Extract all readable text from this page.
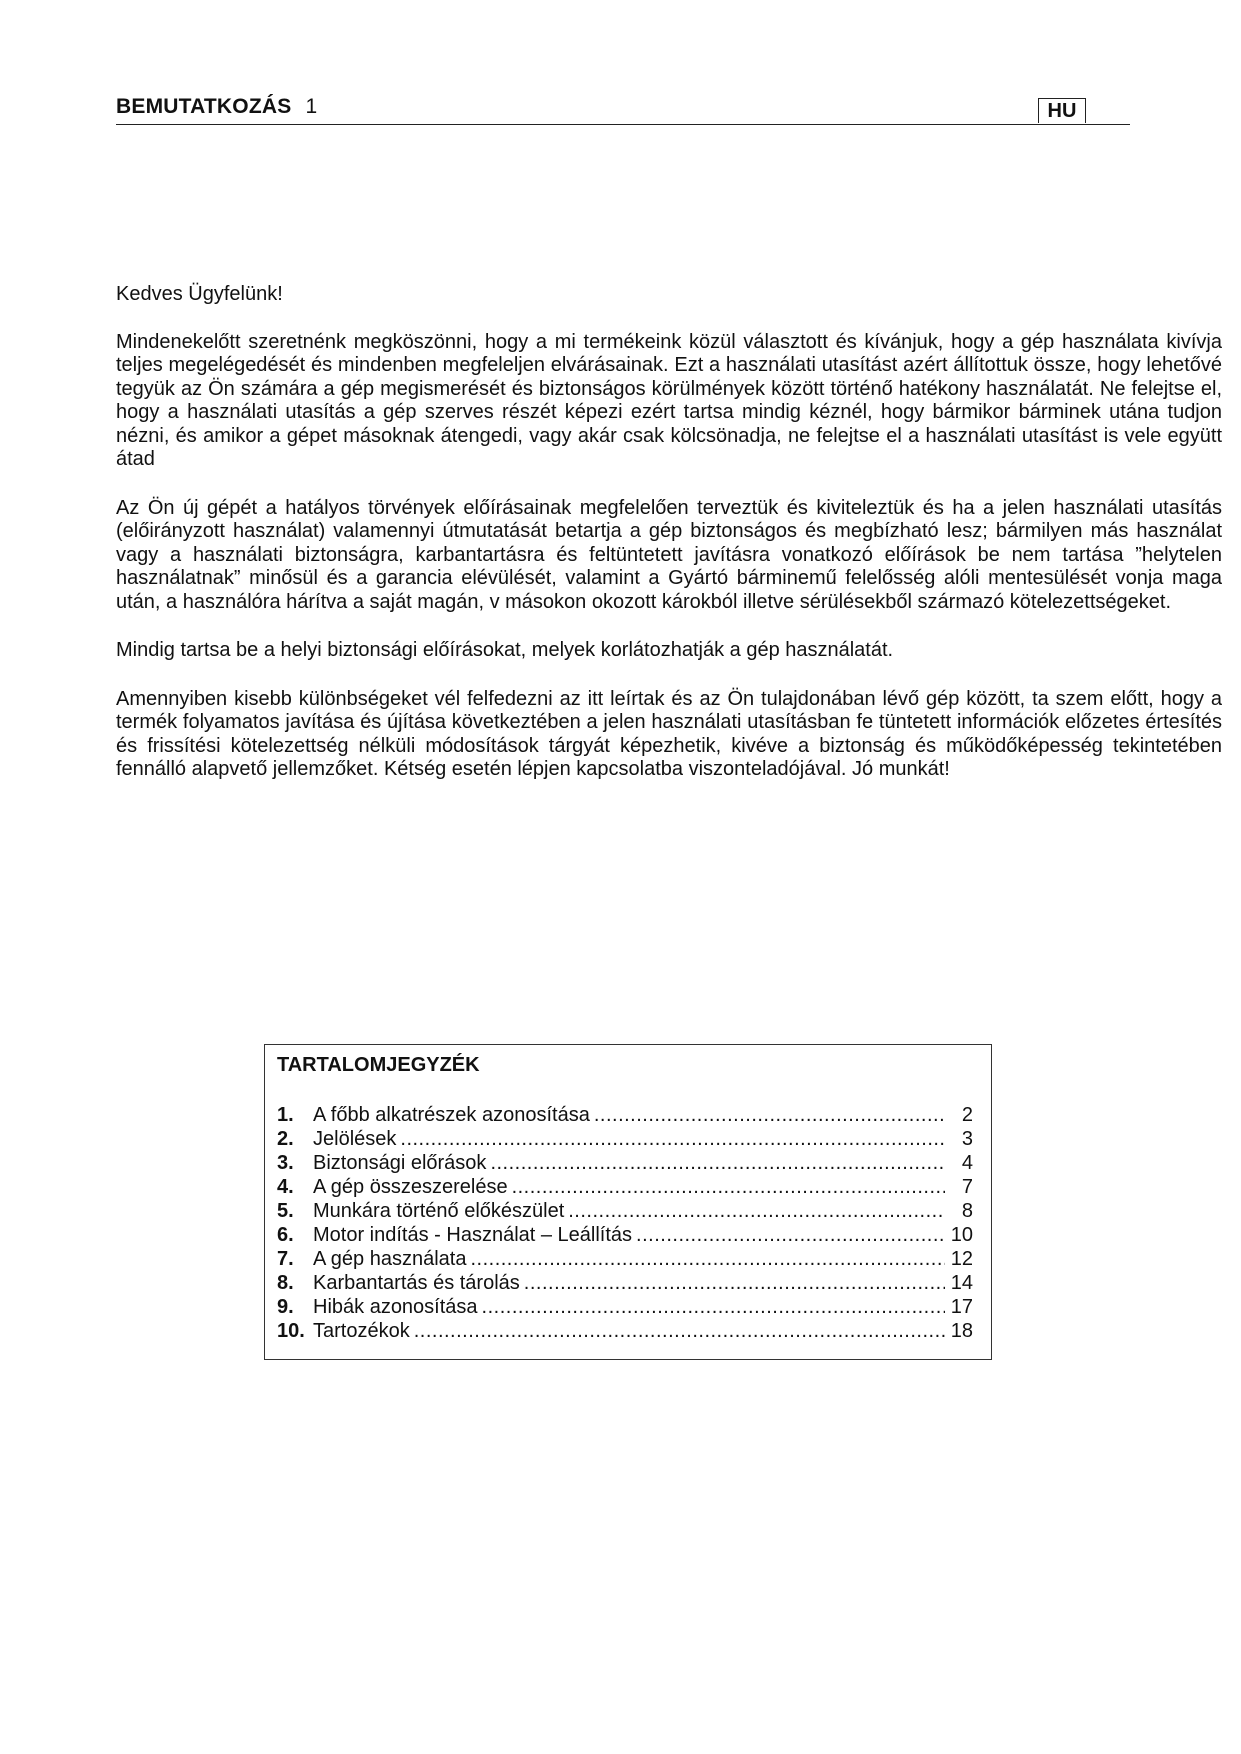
BEMUTATKOZÁS 1	HU

Kedves Ügyfelünk!

Mindenekelőtt szeretnénk megköszönni, hogy a mi termékeink közül választott és kívánjuk, hogy a gép használata kivívja teljes megelégedését és mindenben megfeleljen elvárásainak. Ezt a használati utasítást azért állítottuk össze, hogy lehetővé tegyük az Ön számára a gép megismerését és biztonságos körülmények között történő hatékony használatát. Ne felejtse el, hogy a használati utasítás a gép szerves részét képezi ezért tartsa mindig kéznél, hogy bármikor bárminek utána tudjon nézni, és amikor a gépet másoknak átengedi, vagy akár csak kölcsönadja, ne felejtse el a használati utasítást is vele együtt átad

Az Ön új gépét a hatályos törvények előírásainak megfelelően terveztük és kiviteleztük és ha a jelen használati utasítás (előirányzott használat) valamennyi útmutatását betartja a gép biztonságos és megbízható lesz; bármilyen más használat vagy a használati biztonságra, karbantartásra és feltüntetett javításra vonatkozó előírások be nem tartása ”helytelen használatnak” minősül és a garancia elévülését, valamint a Gyártó bárminemű felelősség alóli mentesülését vonja maga után, a használóra hárítva a saját magán, v másokon okozott károkból illetve sérülésekből származó kötelezettségeket.

Mindig tartsa be a helyi biztonsági előírásokat, melyek korlátozhatják a gép használatát.

Amennyiben kisebb különbségeket vél felfedezni az itt leírtak és az Ön tulajdonában lévő gép között, ta szem előtt, hogy a termék folyamatos javítása és újítása következtében a jelen használati utasításban fe tüntetett információk előzetes értesítés és frissítési kötelezettség nélküli módosítások tárgyát képezhetik, kivéve a biztonság és működőképesség tekintetében fennálló alapvető jellemzőket. Kétség esetén lépjen kapcsolatba viszonteladójával. Jó munkát!

TARTALOMJEGYZÉK
1. A főbb alkatrészek azonosítása .....	2
2. Jelölések .....	3
3. Biztonsági előrások .....	4
4. A gép összeszerelése .....	7
5. Munkára történő előkészület .....	8
6. Motor indítás - Használat – Leállítás .....	10
7. A gép használata .....	12
8. Karbantartás és tárolás .....	14
9. Hibák azonosítása .....	17
10. Tartozékok .....	18
